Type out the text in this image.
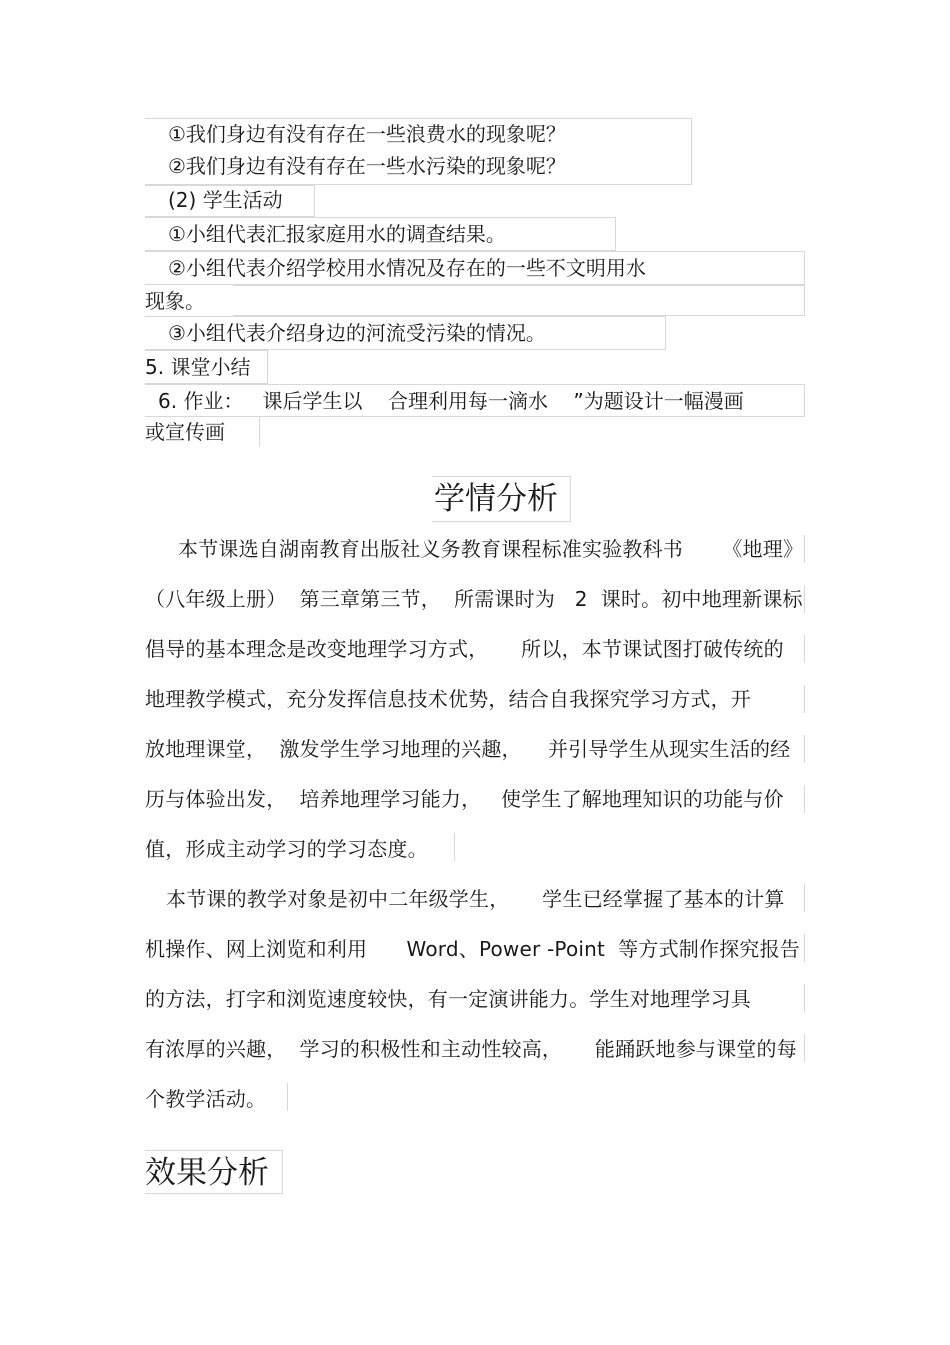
①我们身边有没有存在一些浪费水的现象呢？
②我们身边有没有存在一些水污染的现象呢？
(2) 学生活动
①小组代表汇报家庭用水的调查结果。
②小组代表介绍学校用水情况及存在的一些不文明用水
现象。
③小组代表介绍身边的河流受污染的情况。
5. 课堂小结
6. 作业：   课后学生以    合理利用每一滴水    ”为题设计一幅漫画
或宣传画
学情分析
本节课选自湖南教育出版社义务教育课程标准实验教科书      《地理》
（八年级上册）  第三章第三节，  所需课时为   2  课时。初中地理新课标
倡导的基本理念是改变地理学习方式，     所以，本节课试图打破传统的
地理教学模式，充分发挥信息技术优势，结合自我探究学习方式，开
放地理课堂，  激发学生学习地理的兴趣，    并引导学生从现实生活的经
历与体验出发，  培养地理学习能力，   使学生了解地理知识的功能与价
值，形成主动学习的学习态度。
本节课的教学对象是初中二年级学生，     学生已经掌握了基本的计算
机操作、网上浏览和利用      Word、Power -Point  等方式制作探究报告
的方法，打字和浏览速度较快，有一定演讲能力。学生对地理学习具
有浓厚的兴趣，  学习的积极性和主动性较高，     能踊跃地参与课堂的每
个教学活动。
效果分析
